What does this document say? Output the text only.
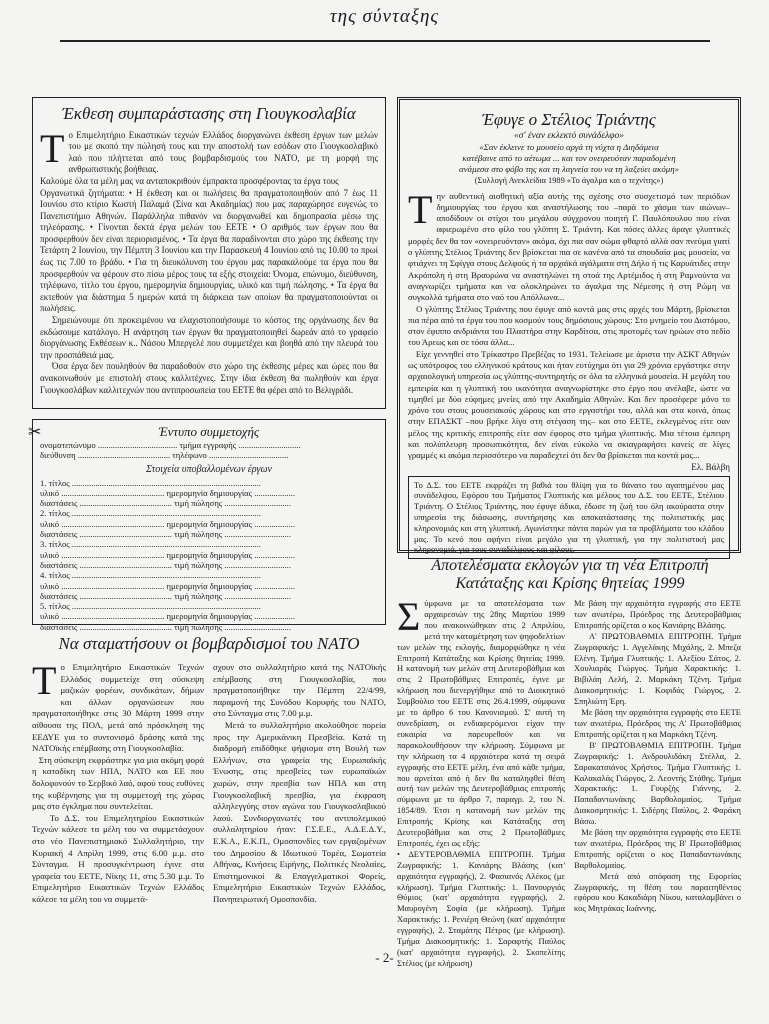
της σύνταξης
Έκθεση συμπαράστασης στη Γιουγκοσλαβία
Τ ο Επιμελητήριο Εικαστικών τεχνών Ελλάδος διοργανώνει έκθεση έργων των μελών του με σκοπό την πώλησή τους και την αποστολή των εσόδων στο Γιουγκοσλαβικό λαό που πλήττεται από τους βομβαρδισμούς του ΝΑΤΟ, με τη μορφή της ανθρωπιστικής βοήθειας.

Καλούμε όλα τα μέλη μας να ανταποκριθούν έμπρακτα προσφέροντας τα έργα τους
Οργανωτικά ζητήματα: • Η έκθεση και οι πωλήσεις θα πραγματοποιηθούν από 7 έως 11 Ιουνίου στο κτίριο Κωστή Παλαμά (Σίνα και Ακαδημίας) που μας παραχώρησε ευγενώς το Πανεπιστήμιο Αθηνών. Παράλληλα πιθανόν να διοργανωθεί και δημοπρασία μέσω της τηλεόρασης. • Γίνονται δεκτά έργα μελών του ΕΕΤΕ • Ο αριθμός των έργων που θα προσφερθούν δεν είναι περιορισμένος. • Τα έργα θα παραδίνονται στο χώρο της έκθεσης την Τετάρτη 2 Ιουνίου, την Πέμπτη 3 Ιουνίου και την Παρασκευή 4 Ιουνίου από τις 10.00 το πρωί έως τις 7.00 το βράδυ. • Για τη διευκόλυνση του έργου μας παρακαλούμε τα έργα που θα προσφερθούν να φέρουν στο πίσω μέρος τους τα εξής στοιχεία: Όνομα, επώνυμο, διεύθυνση, τηλέφωνο, τίτλο του έργου, ημερομηνία δημιουργίας, υλικό και τιμή πώλησης. • Τα έργα θα εκτεθούν για διάστημα 5 ημερών κατά τη διάρκεια των οποίων θα πραγματοποιούνται οι πωλήσεις.

Σημειώνουμε ότι προκειμένου να ελαχιστοποιήσουμε το κόστος της οργάνωσης δεν θα εκδώσουμε κατάλογο. Η ανάρτηση των έργων θα πραγματοποιηθεί δωρεάν από το γραφείο διοργάνωσης Εκθέσεων κ.. Νάσου Μπεργελέ που συμμετέχει και βοηθά από την πλευρά του την προσπάθειά μας.

Όσα έργα δεν πουληθούν θα παραδοθούν στο χώρο της έκθεσης μέρες και ώρες που θα ανακοινωθούν με επιστολή στους καλλιτέχνες. Στην ίδια έκθεση θα πωληθούν και έργα Γιουγκοσλάβων καλλιτεχνών που αντιπροσωπεία του ΕΕΤΕ θα φέρει από το Βελιγράδι.

✂	Έντυπο συμμετοχής
ονοματεπώνυμο ..................................... τμήμα εγγραφής .............................
διεύθυνση ........................................... τηλέφωνο .....................................
Στοιχεία υποβαλλομένων έργων
1. τίτλος ........................................................................................
υλικό ................................................ ημερομηνία δημιουργίας ...................
διαστάσεις ........................................... τιμή πώλησης ...............................
2. τίτλος ........................................................................................
υλικό ................................................ ημερομηνία δημιουργίας ...................
διαστάσεις ........................................... τιμή πώλησης ...............................
3. τίτλος ........................................................................................
υλικό ................................................ ημερομηνία δημιουργίας ...................
διαστάσεις ........................................... τιμή πώλησης ...............................
4. τίτλος ........................................................................................
υλικό ................................................ ημερομηνία δημιουργίας ...................
διαστάσεις ........................................... τιμή πώλησης ...............................
5. τίτλος ........................................................................................
υλικό ................................................ ημερομηνία δημιουργίας ...................
διαστάσεις ........................................... τιμή πώλησης ...............................
Να σταματήσουν οι βομβαρδισμοί του ΝΑΤΟ
Τ ο Επιμελητήριο Εικαστικών Τεχνών Ελλάδος συμμετείχε στη σύσκεψη μαζικών φορέων, συνδικάτων, δήμων και άλλων οργανώσεων που πραγματοποιήθηκε στις 30 Μάρτη 1999 στην αίθουσα της ΠΟΛ, μετά από πρόσκληση της ΕΕΔΥΕ για το συντονισμό δράσης κατά της ΝΑΤΟϊκής επέμβασης στη Γιουγκοσλαβία.
Στη σύσκεψη εκφράστηκε για μια ακόμη φορά η καταδίκη των ΗΠΑ, ΝΑΤΟ και ΕΕ που δολοφονούν το Σερβικό λαό, αφού τους ευθύνες της κυβέρνησης για τη συμμετοχή της χώρας μας στο έγκλημα που συντελείται.
Το Δ.Σ. του Επιμελητηρίου Εικαστικών Τεχνών κάλεσε τα μέλη του να συμμετάσχουν στο νέο Πανεπιστημιακό Συλλαλητήριο, την Κυριακή 4 Απρίλη 1999, στις 6.00 μ.μ. στο Σύνταγμα. Η προσυγκέντρωση έγινε στα γραφεία του ΕΕΤΕ, Νίκης 11, στις 5.30 μ.μ. Το Επιμελητήριο Εικαστικών Τεχνών Ελλάδος κάλεσε τα μέλη του να συμμετά-

σχουν στο συλλαλητήριο κατά της ΝΑΤΟϊκής επέμβασης στη Γιουγκοσλαβία, που πραγματοποιήθηκε την Πέμπτη 22/4/99, παραμονή της Συνόδου Κορυφής του ΝΑΤΟ, στο Σύνταγμα στις 7.00 μ.μ.
Μετά το συλλαλητήριο ακολούθησε πορεία προς την Αμερικάνικη Πρεσβεία. Κατά τη διαδρομή επιδόθηκε ψήφισμα στη Βουλή των Ελλήνων, στα γραφεία της Ευρωπαϊκής Ένωσης, στις πρεσβείες των ευρωπαϊκών χωρών, στην πρεσβία των ΗΠΑ και στη Γιουγκοσλαβική πρεσβία, για έκφραση αλληλεγγύης στον αγώνα του Γιουγκοσλαβικού λαού. Συνδιοργανωτές του αντιπολεμικού συλλαλητηρίου ήταν: Γ.Σ.Ε.Ε., Α.Δ.Ε.Δ.Υ., Ε.Κ.Α., Ε.Κ.Π., Ομοσπονδίες των εργαζομένων του Δημοσίου & Ιδιωτικού Τομέα, Σωματεία Αθήνας, Κινήσεις Ειρήνης, Πολιτικές Νεολαίες, Επιστημονικοί & Επαγγελματικοί Φορείς, Επιμελητήριο Εικαστικών Τεχνών Ελλάδος, Πανηπειρωτική Ομοσπονδία.

Έφυγε ο Στέλιος Τριάντης
«σ' έναν εκλεκτό συνάδελφο»
«Σαν έκλεινε το μουσείο αργά τη νύχτα η Διηδάμεια
κατέβαινε από το αέτωμα ... και τον ονειρευόταν παραδομένη
ανάμεσα στο φόβο της και τη λαγνεία του να τη λαξεύει ακόμη»
(Συλλογή Ανεκλείδια 1989 «Το άγαλμα και ο τεχνίτης»)
Τ ην αυθεντική αισθητική αξία αυτής της σχέσης στο συσχετισμό των περιόδων δημιουργίας του έργου και αναστήλωσης του –παρά το χάσμα των αιώνων– αποδίδουν οι στίχοι του μεγάλου σύγχρονου ποιητή Γ. Παυλόπουλου που είναι αφιερωμένο στο φίλο του γλύπτη Σ. Τριάντη. Και πόσες άλλες άραγε γλυπτικές μορφές δεν θα τον «ονειρευόνταν» ακόμα, όχι πια σαν σώμα φθαρτό αλλά σαν πνεύμα γιατί ο γλύπτης Στέλιος Τριάντης δεν βρίσκεται πια σε κανένα από τα σπουδαία μας μουσεία, να φτιάχνει τη Σφίγγα στους Δελφούς ή τα αρχαϊκά αγάλματα στη Δήλο ή τις Καρυάτιδες στην Ακρόπολη ή στη Βραυρώνα να αναστηλώνει τη στοά της Αρτέμιδος ή στη Ραμνούντα να αναγνωρίζει τμήματα και να ολοκληρώνει το άγαλμα της Νέμεσης ή στη Ρώμη να συγκολλά τμήματα στο ναό του Απόλλωνα...
Ο γλύπτης Στέλιος Τριάντης που έφυγε από κοντά μας στις αρχές του Μάρτη, βρίσκεται πια πέρα από τα έργα του που κοσμούν τους δημόσιους χώρους: Στο μνημείο του Διστόμου, στον έφιππο ανδριάντα του Πλαστήρα στην Καρδίτσα, στις προτομές των ηρώων στο πεδίο του Άρεως και σε τόσα άλλα...
Είχε γεννηθεί στο Τρίκαστρο Πρεβέζας το 1931. Τελείωσε με άριστα την ΑΣΚΤ Αθηνών ως υπότροφος του ελληνικού κράτους και ήταν ευτύχημα ότι για 29 χρόνια εργάστηκε στην αρχαιολογική υπηρεσία ως γλύπτης-συντηρητής σε όλα τα ελληνικά μουσεία. Η μεγάλη του εμπειρία και η γλυπτική του ικανότητα αναγνωρίστηκε στο έργο που ανέλαβε, ώστε να τιμηθεί με δύο εύφημες μνείες από την Ακαδημία Αθηνών. Και δεν προσέφερε μόνο το χρόνο του στους μουσειακούς χώρους και στο εργαστήρι του, αλλά και στα κοινά, όπως στην ΕΠΑΣΚΤ –που βρήκε λίγο στη στέγαση της– και στο ΕΕΤΕ, εκλεγμένος είτε σαν μέλος της κριτικής επιτροπής είτε σαν έφορος στο τμήμα γλυπτικής. Μια τέτοια έμπειρη και πολύπλευρη προσωπικότητα, δεν είναι εύκολο να σκιαγραφήσει κανείς σε λίγες γραμμές κι ακόμα περισσότερο να παραδεχτεί ότι δεν θα βρίσκεται πια κοντά μας...

Ελ. Βάλβη

Το Δ.Σ. του ΕΕΤΕ εκφράζει τη βαθιά του θλίψη για το θάνατο του αγαπημένου μας συνάδελφου, Εφόρου του Τμήματος Γλυπτικής και μέλους του Δ.Σ. του ΕΕΤΕ, Στέλιου Τριάντη. Ο Στέλιος Τριάντης, που έφυγε άδικα, έδωσε τη ζωή του όλη ακούραστα στην υπηρεσία της διάσωσης, συντήρησης και αποκατάστασης της πολιτιστικής μας κληρονομιάς και στη γλυπτική. Αγωνίστηκε πάντα παρών για τα προβλήματα του κλάδου μας. Το κενό που αφήνει είναι μεγάλο για τη γλυπτική, για την πολιτιστική μας κληρονομιά, για τους συναδέλφους και φίλους.

Αποτελέσματα εκλογών για τη νέα Επιτροπή Κατάταξης και Κρίσης θητείας 1999
Σ ύμφωνα με τα αποτελέσματα των αρχαιρεσιών της 28ης Μαρτίου 1999 που ανακοινώθηκαν στις 2 Απριλίου, μετά την καταμέτρηση των ψηφοδελτίων των μελών της εκλογής, διαμορφώθηκε η νέα Επιτροπή Κατάταξης και Κρίσης θητείας 1999. Η κατανομή των μελών στη Δευτεροβάθμια και στις 2 Πρωτοβάθμιες Επιτροπές, έγινε με κλήρωση που διενεργήθηκε από το Διοικητικό Συμβούλιο του ΕΕΤΕ στις 26.4.1999, σύμφωνα με το άρθρο 6 του Κανονισμού. Σ' αυτή τη συνεδρίαση, οι ενδιαφερόμενοι είχαν την ευκαιρία να παρευρεθούν και να παρακολουθήσουν την κλήρωση. Σύμφωνα με την κλήρωση τα 4 αρχαιότερα κατά τη σειρά εγγραφής στο ΕΕΤΕ μέλη, ένα από κάθε τμήμα, που αρνείται από ή δεν θα καταληφθεί θέση αυτή των μελών της Δευτεροβάθμιας επιτροπής σύμφωνα με το άρθρο 7, παραγρ. 2, του Ν. 1854/89. Έτσι η κατανομή των μελών της Επιτροπής Κρίσης και Κατάταξης στη Δευτεροβάθμια και στις 2 Πρωτοβάθμιες Επιτροπές, έχει ως εξής:
• ΔΕΥΤΕΡΟΒΑΘΜΙΑ ΕΠΙΤΡΟΠΗ. Τμήμα Ζωγραφικής: 1. Κανιάρης Βλάσης (κατ' αρχαιότητα εγγραφής), 2. Φασιανός Αλέκος (με κλήρωση). Τμήμα Γλυπτικής: 1. Πανουργιάς Θύμιος (κατ' αρχαιότητα εγγραφής), 2. Μαυρογένη Σοφία (με κλήρωση). Τμήμα Χαρακτικής: 1. Ρενιέρη Θεώνη (κατ' αρχαιότητα εγγραφής), 2. Σταμάτης Πέτρος (με κλήρωση). Τμήμα Διακοσμητικής: 1. Σαραφτής Παύλος (κατ' αρχαιότητα εγγραφής), 2. Σκοπελίτης Στέλιος (με κλήρωση)

Με βάση την αρχαιότητα εγγραφής στο ΕΕΤΕ των ανωτέρω, Πρόεδρος της Δευτεροβάθμιας Επιτροπής ορίζεται ο κος Κανιάρης Βλάσης.
Α' ΠΡΩΤΟΒΑΘΜΙΑ ΕΠΙΤΡΟΠΗ. Τμήμα Ζωγραφικής: 1. Αγγελάκης Μιχάλης, 2. Μπεζα Ελένη. Τμήμα Γλυπτικής: 1. Αλεξίου Σάτος, 2. Χουλιαράς Γιώργος. Τμήμα Χαρακτικής: 1. Βιβιλάη Λελή, 2. Μαρκάκη Τζένη. Τμήμα Διακοσμητικής: 1. Κοφιδάς Γιώργος, 2. Σπηλιώτη Έρη.
Με βάση την αρχαιότητα εγγραφής στο ΕΕΤΕ των ανωτέρω, Πρόεδρος της Α' Πρωτοβάθμιας Επιτροπής ορίζεται η κα Μαρκάκη Τζένη.
Β' ΠΡΩΤΟΒΑΘΜΙΑ ΕΠΙΤΡΟΠΗ. Τμήμα Ζωγραφικής: 1. Ανδρουλιδάκη Στέλλα, 2. Σαρακατσιάνος Χρήστος. Τμήμα Γλυπτικής: 1. Καλακαλάς Γιώργος, 2. Λεοντής Στάθης. Τμήμα Χαρακτικής: 1. Γουρζής Γιάννης, 2. Παπαδαντωνάκης Βαρθολομαίος. Τμήμα Διακοσμητικής: 1. Σιδέρης Παύλος, 2. Φαράκη Βάσω.
Με βάση την αρχαιότητα εγγραφής στο ΕΕΤΕ των ανωτέρω, Πρόεδρος της Β' Πρωτοβάθμιας Επιτροπής ορίζεται ο κος Παπαδαντωνάκης Βαρθολομαίος.
Μετά από απόφαση της Εφορείας Ζωγραφικής, τη θέση του παραιτηθέντος εφόρου κου Κακαδιάρη Νίκου, καταλαμβάνει ο κος Μητράκας Ιωάννης.

- 2-
